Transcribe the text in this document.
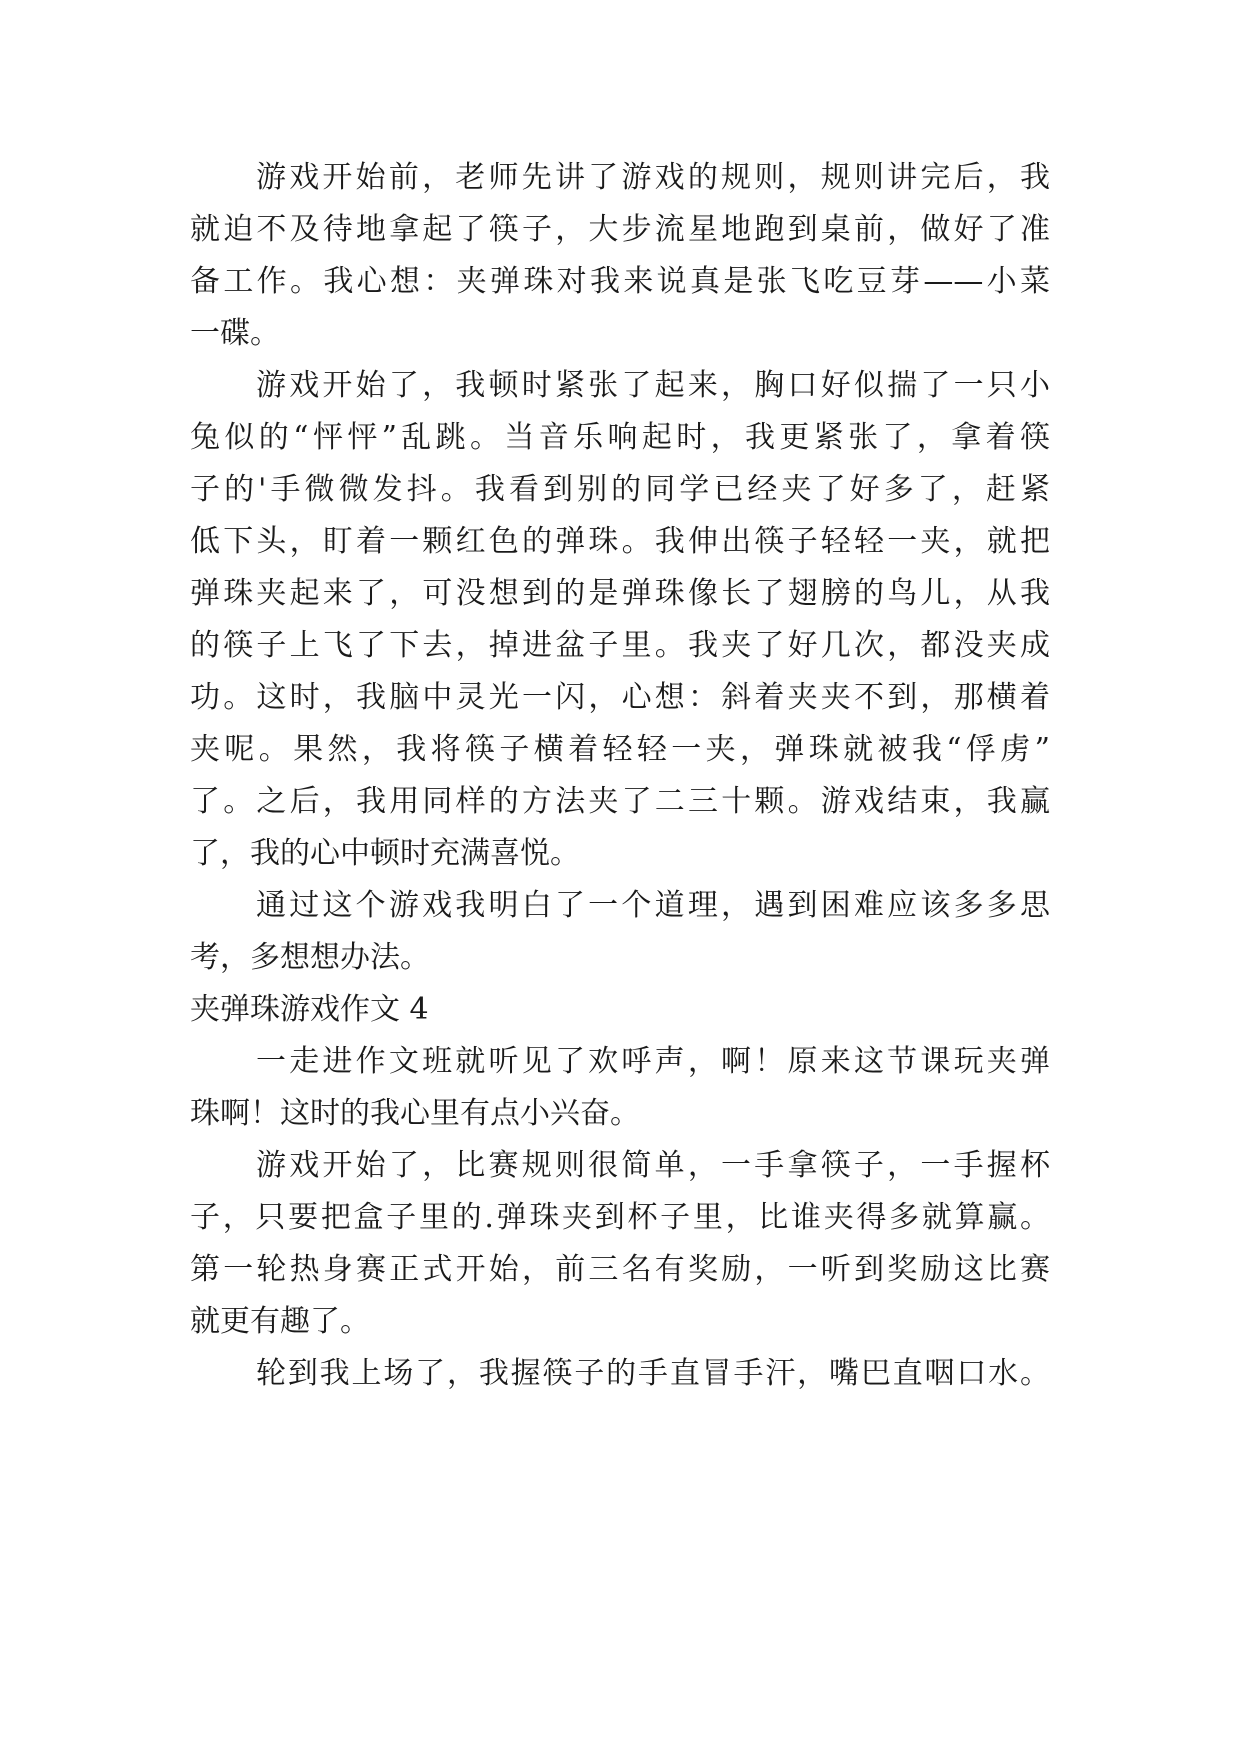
游戏开始前，老师先讲了游戏的规则，规则讲完后，我
就迫不及待地拿起了筷子，大步流星地跑到桌前，做好了准
备工作。我心想：夹弹珠对我来说真是张飞吃豆芽——小菜
一碟。
游戏开始了，我顿时紧张了起来，胸口好似揣了一只小
兔似的“怦怦”乱跳。当音乐响起时，我更紧张了，拿着筷
子的'手微微发抖。我看到别的同学已经夹了好多了，赶紧
低下头，盯着一颗红色的弹珠。我伸出筷子轻轻一夹，就把
弹珠夹起来了，可没想到的是弹珠像长了翅膀的鸟儿，从我
的筷子上飞了下去，掉进盆子里。我夹了好几次，都没夹成
功。这时，我脑中灵光一闪，心想：斜着夹夹不到，那横着
夹呢。果然，我将筷子横着轻轻一夹，弹珠就被我“俘虏”
了。之后，我用同样的方法夹了二三十颗。游戏结束，我赢
了，我的心中顿时充满喜悦。
通过这个游戏我明白了一个道理，遇到困难应该多多思
考，多想想办法。
夹弹珠游戏作文 4
一走进作文班就听见了欢呼声，啊！原来这节课玩夹弹
珠啊！这时的我心里有点小兴奋。
游戏开始了，比赛规则很简单，一手拿筷子，一手握杯
子，只要把盒子里的.弹珠夹到杯子里，比谁夹得多就算赢。
第一轮热身赛正式开始，前三名有奖励，一听到奖励这比赛
就更有趣了。
轮到我上场了，我握筷子的手直冒手汗，嘴巴直咽口水。
